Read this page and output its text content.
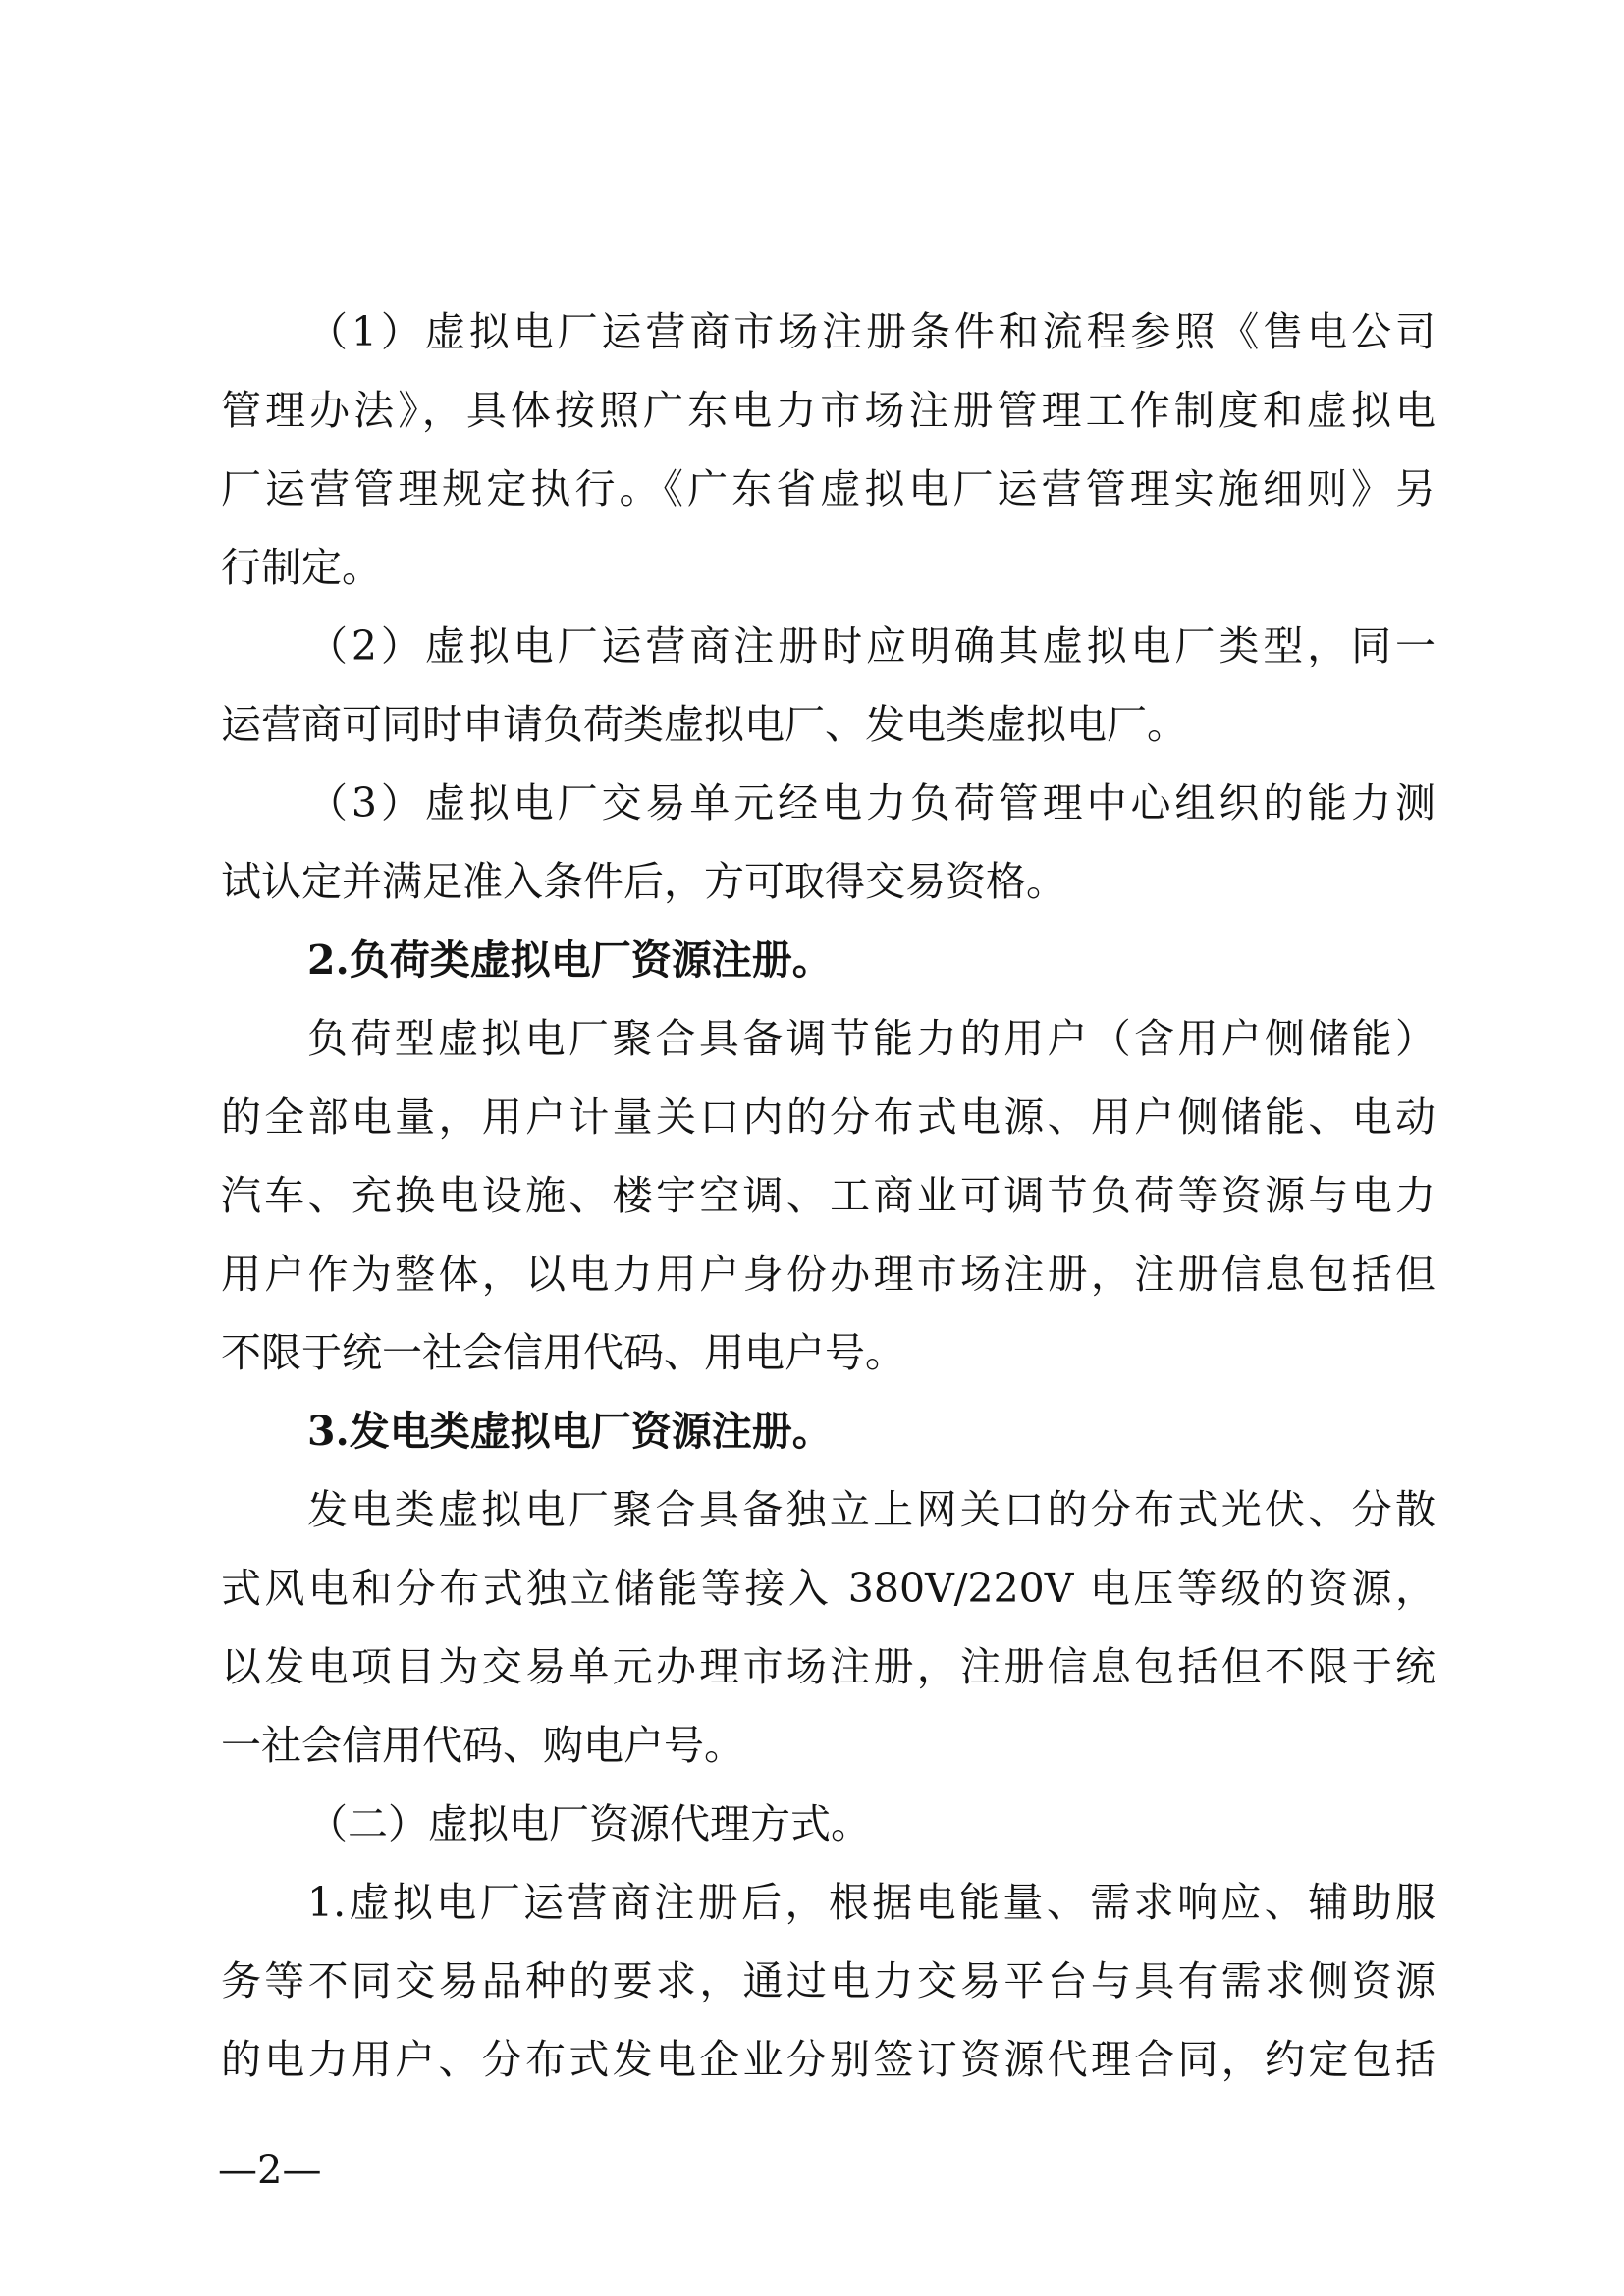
（1）虚拟电厂运营商市场注册条件和流程参照《售电公司
管理办法》，具体按照广东电力市场注册管理工作制度和虚拟电
厂运营管理规定执行。《广东省虚拟电厂运营管理实施细则》另
行制定。
（2）虚拟电厂运营商注册时应明确其虚拟电厂类型，同一
运营商可同时申请负荷类虚拟电厂、发电类虚拟电厂。
（3）虚拟电厂交易单元经电力负荷管理中心组织的能力测
试认定并满足准入条件后，方可取得交易资格。
2.负荷类虚拟电厂资源注册。
负荷型虚拟电厂聚合具备调节能力的用户（含用户侧储能）
的全部电量，用户计量关口内的分布式电源、用户侧储能、电动
汽车、充换电设施、楼宇空调、工商业可调节负荷等资源与电力
用户作为整体，以电力用户身份办理市场注册，注册信息包括但
不限于统一社会信用代码、用电户号。
3.发电类虚拟电厂资源注册。
发电类虚拟电厂聚合具备独立上网关口的分布式光伏、分散
式风电和分布式独立储能等接入 380V/220V 电压等级的资源，
以发电项目为交易单元办理市场注册，注册信息包括但不限于统
一社会信用代码、购电户号。
（二）虚拟电厂资源代理方式。
1.虚拟电厂运营商注册后，根据电能量、需求响应、辅助服
务等不同交易品种的要求，通过电力交易平台与具有需求侧资源
的电力用户、分布式发电企业分别签订资源代理合同，约定包括
—2—
